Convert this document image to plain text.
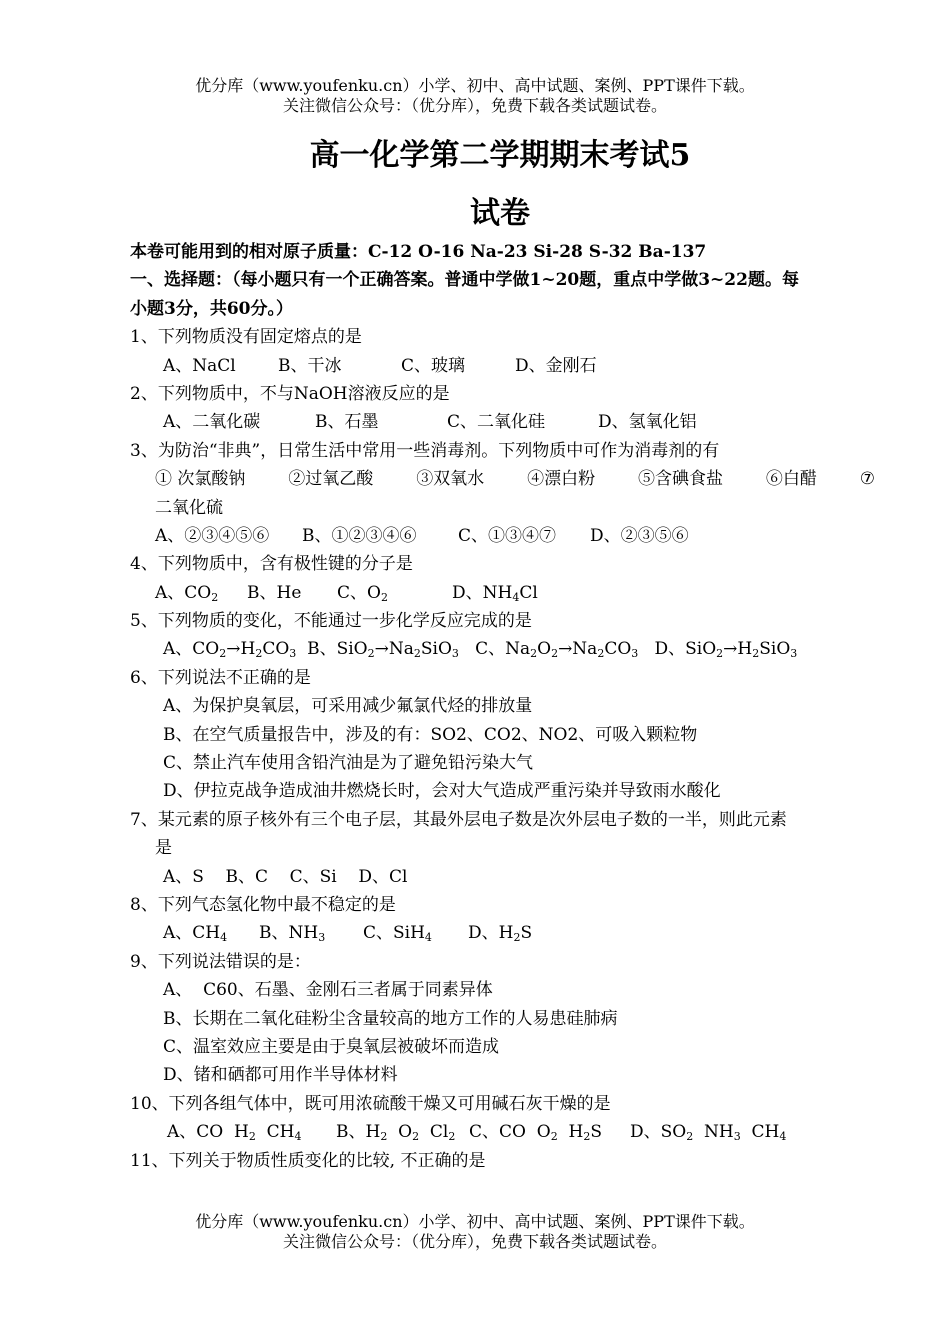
优分库（www.youfenku.cn）小学、初中、高中试题、案例、PPT课件下载。
关注微信公众号：（优分库），免费下载各类试题试卷。
高一化学第二学期期末考试5
试卷
本卷可能用到的相对原子质量：C-12 O-16 Na-23 Si-28 S-32 Ba-137
一、选择题：（每小题只有一个正确答案。普通中学做1~20题，重点中学做3~22题。每
小题3分，共60分。）
1、下列物质没有固定熔点的是
A、NaCl B、干冰	C、玻璃	D、金刚石
2、下列物质中，不与NaOH溶液反应的是
A、二氧化碳	B、石墨	C、二氧化硅	D、氢氧化铝
3、为防治“非典”，日常生活中常用一些消毒剂。下列物质中可作为消毒剂的有
① 次氯酸钠	②过氧乙酸	③双氧水	④漂白粉	⑤含碘食盐	⑥白醋	⑦
二氧化硫
A、②③④⑤⑥ B、①②③④⑥ C、①③④⑦ D、②③⑤⑥
4、下列物质中，含有极性键的分子是
A、$CO_2$ B、He C、$O_2$	D、$NH_4Cl$
5、下列物质的变化，不能通过一步化学反应完成的是
A、$CO_2\to H_2CO_3$  B、$SiO_2\to Na_2SiO_3$   C、$Na_2O_2\to Na_2CO_3$   D、$SiO_2\to H_2SiO_3$
6、下列说法不正确的是
A、为保护臭氧层，可采用减少氟氯代烃的排放量
B、在空气质量报告中，涉及的有：SO2、CO2、NO2、可吸入颗粒物
C、禁止汽车使用含铅汽油是为了避免铅污染大气
D、伊拉克战争造成油井燃烧长时，会对大气造成严重污染并导致雨水酸化
7、某元素的原子核外有三个电子层，其最外层电子数是次外层电子数的一半，则此元素
是
A、S    B、C    C、Si    D、Cl
8、下列气态氢化物中最不稳定的是
A、$CH_4$ B、$NH_3$ C、SiH$_4$ D、$H_2S$
9、下列说法错误的是：
A、  C60、石墨、金刚石三者属于同素异体
B、长期在二氧化硅粉尘含量较高的地方工作的人易患硅肺病
C、温室效应主要是由于臭氧层被破坏而造成
D、锗和硒都可用作半导体材料
10、下列各组气体中，既可用浓硫酸干燥又可用碱石灰干燥的是
A、CO  $H_2$  $CH_4$ B、$H_2$  $O_2$  $Cl_2$ C、CO  $O_2$  $H_2S$ D、$SO_2$  $NH_3$  $CH_4$
11、下列关于物质性质变化的比较, 不正确的是
优分库（www.youfenku.cn）小学、初中、高中试题、案例、PPT课件下载。
关注微信公众号：（优分库），免费下载各类试题试卷。
